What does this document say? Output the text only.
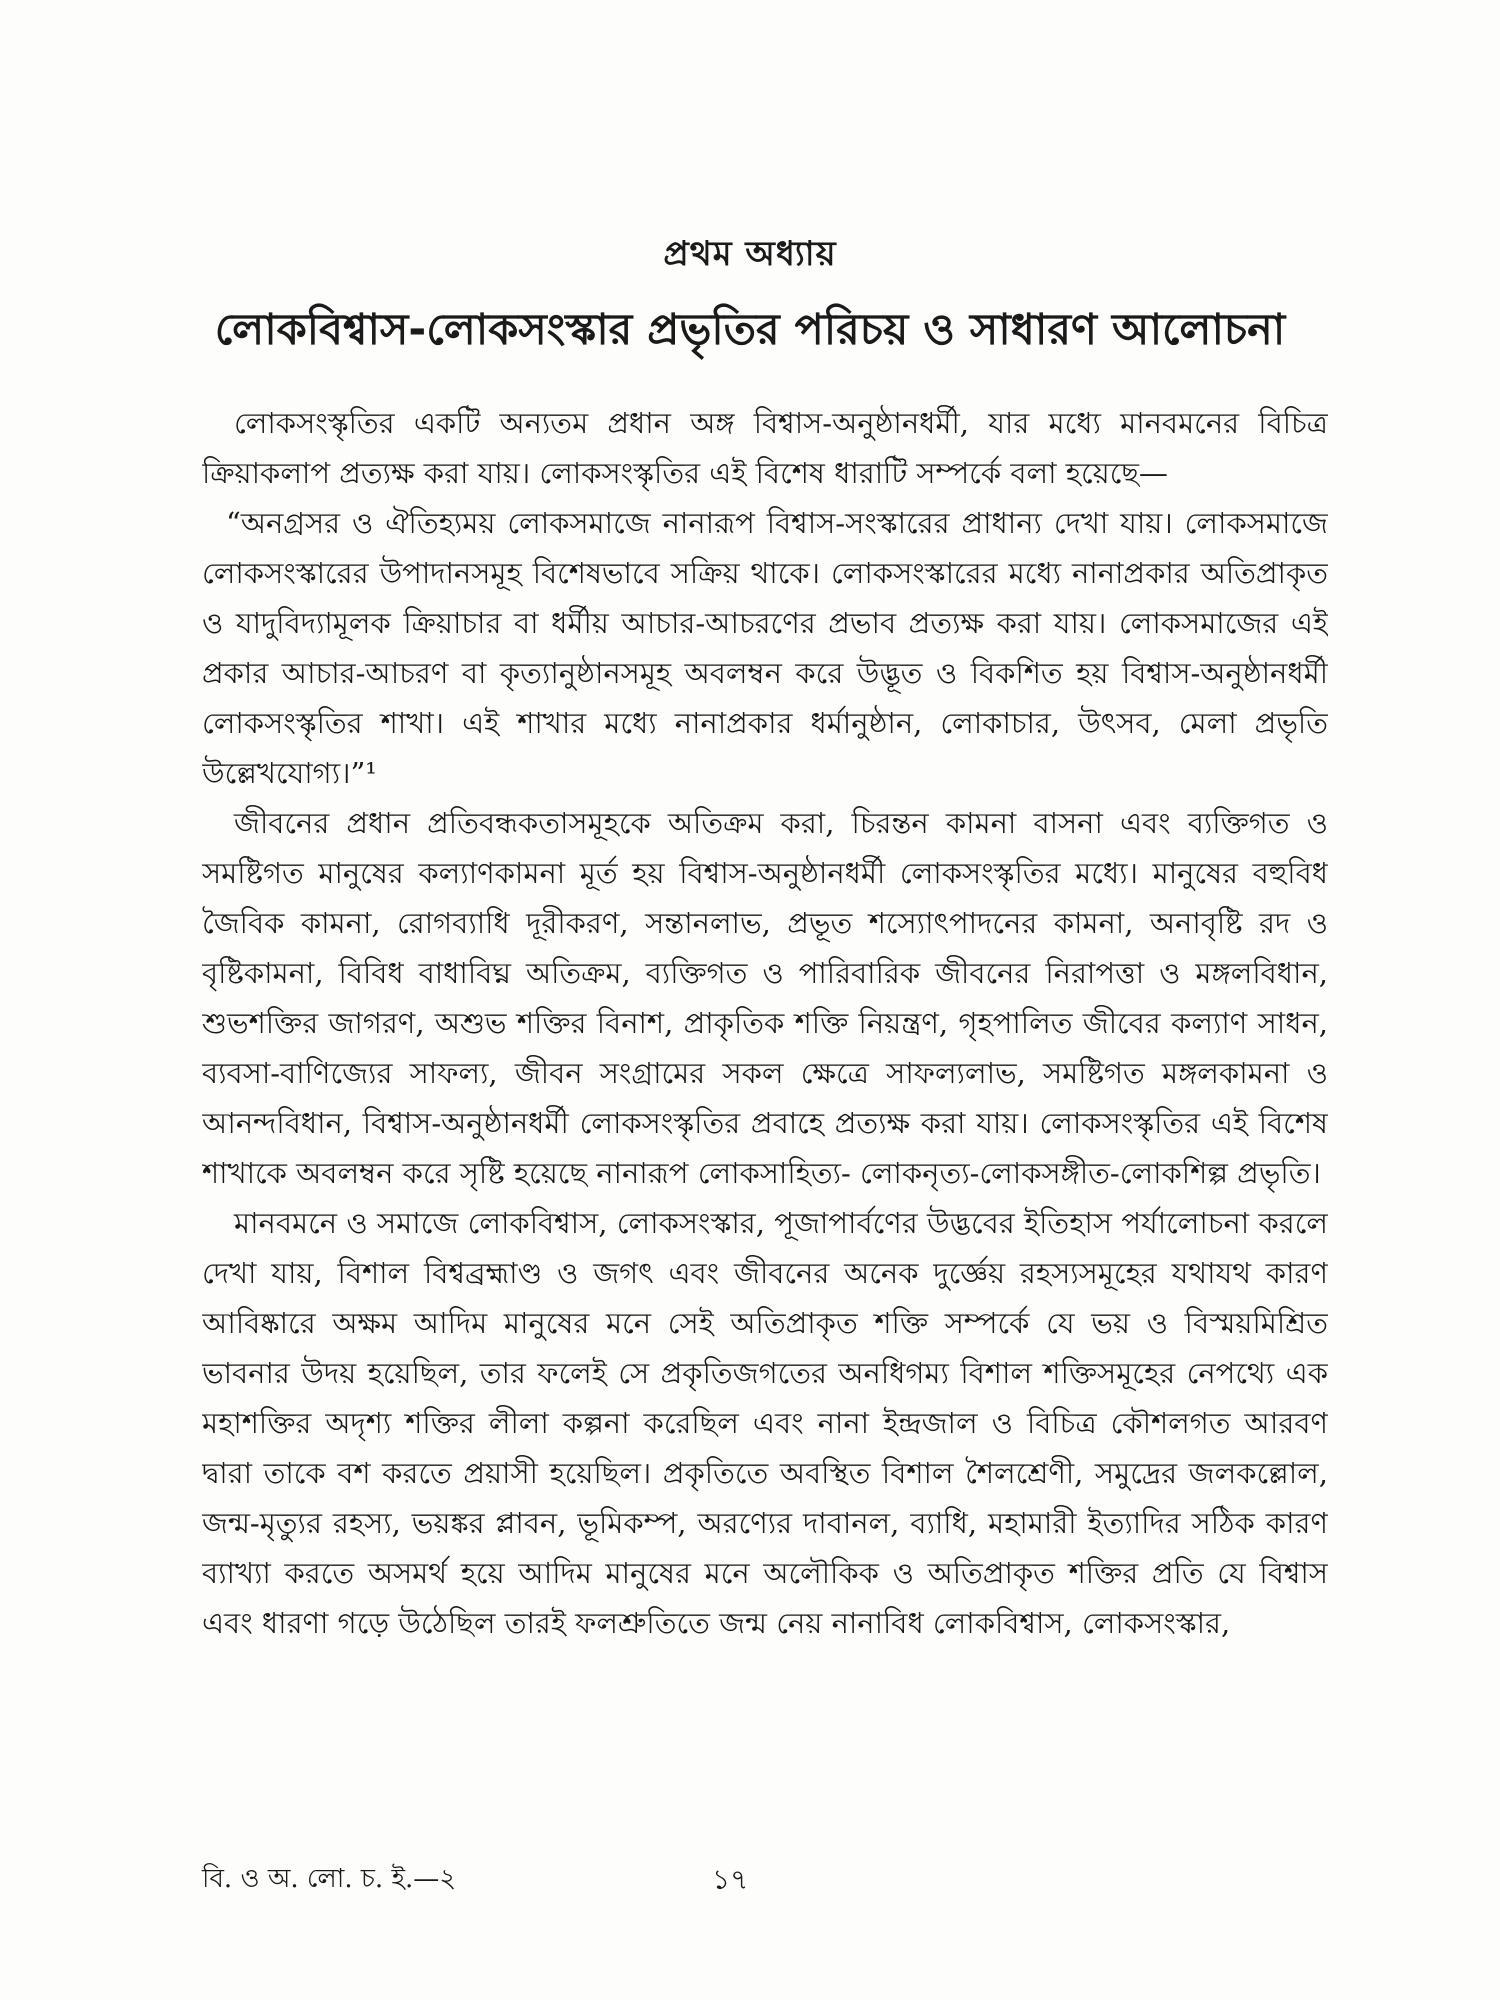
প্রথম অধ্যায়
লোকবিশ্বাস-লোকসংস্কার প্রভৃতির পরিচয় ও সাধারণ আলোচনা

লোকসংস্কৃতির একটি অন্যতম প্রধান অঙ্গ বিশ্বাস-অনুষ্ঠানধর্মী, যার মধ্যে মানবমনের বিচিত্র ক্রিয়াকলাপ প্রত্যক্ষ করা যায়। লোকসংস্কৃতির এই বিশেষ ধারাটি সম্পর্কে বলা হয়েছে—

“অনগ্রসর ও ঐতিহ্যময় লোকসমাজে নানারূপ বিশ্বাস-সংস্কারের প্রাধান্য দেখা যায়। লোকসমাজে লোকসংস্কারের উপাদানসমূহ বিশেষভাবে সক্রিয় থাকে। লোকসংস্কারের মধ্যে নানাপ্রকার অতিপ্রাকৃত ও যাদুবিদ্যামূলক ক্রিয়াচার বা ধর্মীয় আচার-আচরণের প্রভাব প্রত্যক্ষ করা যায়। লোকসমাজের এই প্রকার আচার-আচরণ বা কৃত্যানুষ্ঠানসমূহ অবলম্বন করে উদ্ভূত ও বিকশিত হয় বিশ্বাস-অনুষ্ঠানধর্মী লোকসংস্কৃতির শাখা। এই শাখার মধ্যে নানাপ্রকার ধর্মানুষ্ঠান, লোকাচার, উৎসব, মেলা প্রভৃতি উল্লেখযোগ্য।”¹

জীবনের প্রধান প্রতিবন্ধকতাসমূহকে অতিক্রম করা, চিরন্তন কামনা বাসনা এবং ব্যক্তিগত ও সমষ্টিগত মানুষের কল্যাণকামনা মূর্ত হয় বিশ্বাস-অনুষ্ঠানধর্মী লোকসংস্কৃতির মধ্যে। মানুষের বহুবিধ জৈবিক কামনা, রোগব্যাধি দূরীকরণ, সন্তানলাভ, প্রভূত শস্যোৎপাদনের কামনা, অনাবৃষ্টি রদ ও বৃষ্টিকামনা, বিবিধ বাধাবিঘ্ন অতিক্রম, ব্যক্তিগত ও পারিবারিক জীবনের নিরাপত্তা ও মঙ্গলবিধান, শুভশক্তির জাগরণ, অশুভ শক্তির বিনাশ, প্রাকৃতিক শক্তি নিয়ন্ত্রণ, গৃহপালিত জীবের কল্যাণ সাধন, ব্যবসা-বাণিজ্যের সাফল্য, জীবন সংগ্রামের সকল ক্ষেত্রে সাফল্যলাভ, সমষ্টিগত মঙ্গলকামনা ও আনন্দবিধান, বিশ্বাস-অনুষ্ঠানধর্মী লোকসংস্কৃতির প্রবাহে প্রত্যক্ষ করা যায়। লোকসংস্কৃতির এই বিশেষ শাখাকে অবলম্বন করে সৃষ্টি হয়েছে নানারূপ লোকসাহিত্য- লোকনৃত্য-লোকসঙ্গীত-লোকশিল্প প্রভৃতি।

মানবমনে ও সমাজে লোকবিশ্বাস, লোকসংস্কার, পূজাপার্বণের উদ্ভবের ইতিহাস পর্যালোচনা করলে দেখা যায়, বিশাল বিশ্বব্রহ্মাণ্ড ও জগৎ এবং জীবনের অনেক দুর্জ্ঞেয় রহস্যসমূহের যথাযথ কারণ আবিষ্কারে অক্ষম আদিম মানুষের মনে সেই অতিপ্রাকৃত শক্তি সম্পর্কে যে ভয় ও বিস্ময়মিশ্রিত ভাবনার উদয় হয়েছিল, তার ফলেই সে প্রকৃতিজগতের অনধিগম্য বিশাল শক্তিসমূহের নেপথ্যে এক মহাশক্তির অদৃশ্য শক্তির লীলা কল্পনা করেছিল এবং নানা ইন্দ্রজাল ও বিচিত্র কৌশলগত আরবণ দ্বারা তাকে বশ করতে প্রয়াসী হয়েছিল। প্রকৃতিতে অবস্থিত বিশাল শৈলশ্রেণী, সমুদ্রের জলকল্লোল, জন্ম-মৃত্যুর রহস্য, ভয়ঙ্কর প্লাবন, ভূমিকম্প, অরণ্যের দাবানল, ব্যাধি, মহামারী ইত্যাদির সঠিক কারণ ব্যাখ্যা করতে অসমর্থ হয়ে আদিম মানুষের মনে অলৌকিক ও অতিপ্রাকৃত শক্তির প্রতি যে বিশ্বাস এবং ধারণা গড়ে উঠেছিল তারই ফলশ্রুতিতে জন্ম নেয় নানাবিধ লোকবিশ্বাস, লোকসংস্কার,

বি. ও অ. লো. চ. ই.—২	১৭
